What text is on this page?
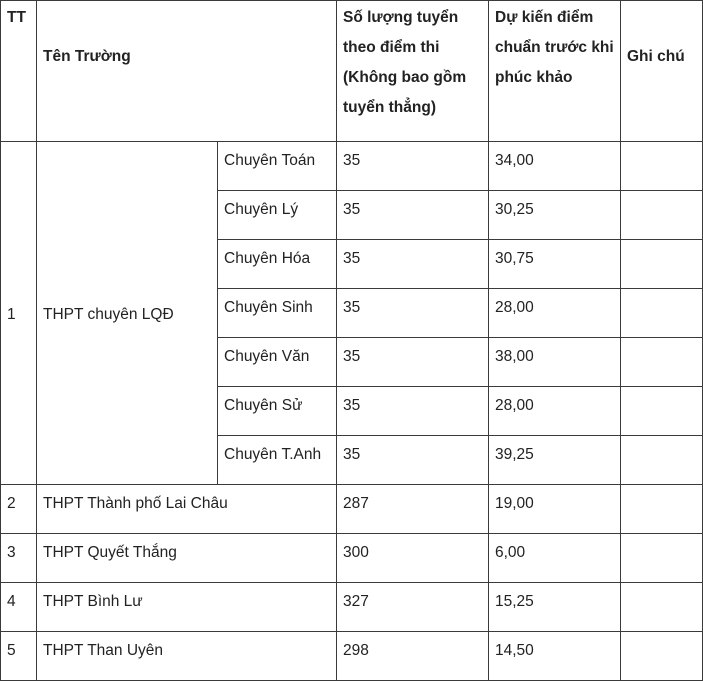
TT	Tên Trường		Số lượng tuyển theo điểm thi (Không bao gồm tuyển thẳng)	Dự kiến điểm chuẩn trước khi phúc khảo	Ghi chú
1	THPT chuyên LQĐ	Chuyên Toán	35	34,00	
		Chuyên Lý	35	30,25	
		Chuyên Hóa	35	30,75	
		Chuyên Sinh	35	28,00	
		Chuyên Văn	35	38,00	
		Chuyên Sử	35	28,00	
		Chuyên T.Anh	35	39,25	
2	THPT Thành phố Lai Châu		287	19,00	
3	THPT Quyết Thắng		300	6,00	
4	THPT Bình Lư		327	15,25	
5	THPT Than Uyên		298	14,50	
